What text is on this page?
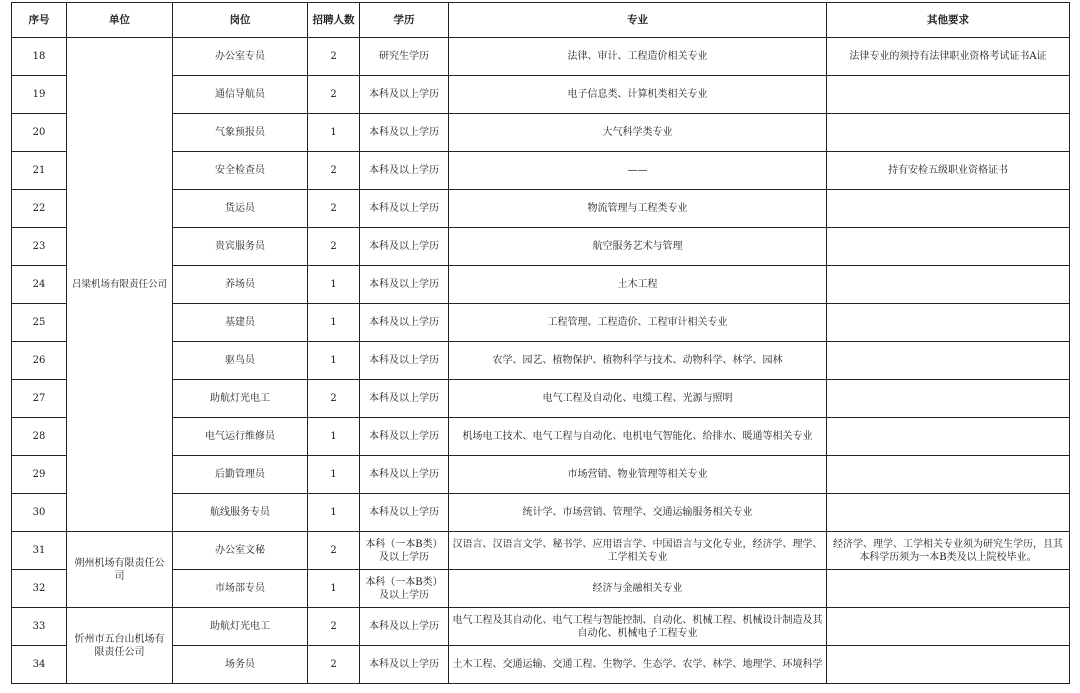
序号	单位	岗位	招聘人数	学历	专业	其他要求
18	吕梁机场有限责任公司	办公室专员	2	研究生学历	法律、审计、工程造价相关专业	法律专业的须持有法律职业资格考试证书A证
19		通信导航员	2	本科及以上学历	电子信息类、计算机类相关专业	
20		气象预报员	1	本科及以上学历	大气科学类专业	
21		安全检查员	2	本科及以上学历	——	持有安检五级职业资格证书
22		货运员	2	本科及以上学历	物流管理与工程类专业	
23		贵宾服务员	2	本科及以上学历	航空服务艺术与管理	
24		养场员	1	本科及以上学历	土木工程	
25		基建员	1	本科及以上学历	工程管理、工程造价、工程审计相关专业	
26		驱鸟员	1	本科及以上学历	农学、园艺、植物保护、植物科学与技术、动物科学、林学、园林	
27		助航灯光电工	2	本科及以上学历	电气工程及自动化、电缆工程、光源与照明	
28		电气运行维修员	1	本科及以上学历	机场电工技术、电气工程与自动化、电机电气智能化、给排水、暖通等相关专业	
29		后勤管理员	1	本科及以上学历	市场营销、物业管理等相关专业	
30		航线服务专员	1	本科及以上学历	统计学、市场营销、管理学、交通运输服务相关专业	
31	朔州机场有限责任公司	办公室文秘	2	本科（一本B类）及以上学历	汉语言、汉语言文学、秘书学、应用语言学、中国语言与文化专业，经济学、理学、工学相关专业	经济学、理学、工学相关专业须为研究生学历，且其本科学历须为一本B类及以上院校毕业。
32		市场部专员	1	本科（一本B类）及以上学历	经济与金融相关专业	
33	忻州市五台山机场有限责任公司	助航灯光电工	2	本科及以上学历	电气工程及其自动化、电气工程与智能控制、自动化、机械工程、机械设计制造及其自动化、机械电子工程专业	
34		场务员	2	本科及以上学历	土木工程、交通运输、交通工程、生物学、生态学、农学、林学、地理学、环境科学	
